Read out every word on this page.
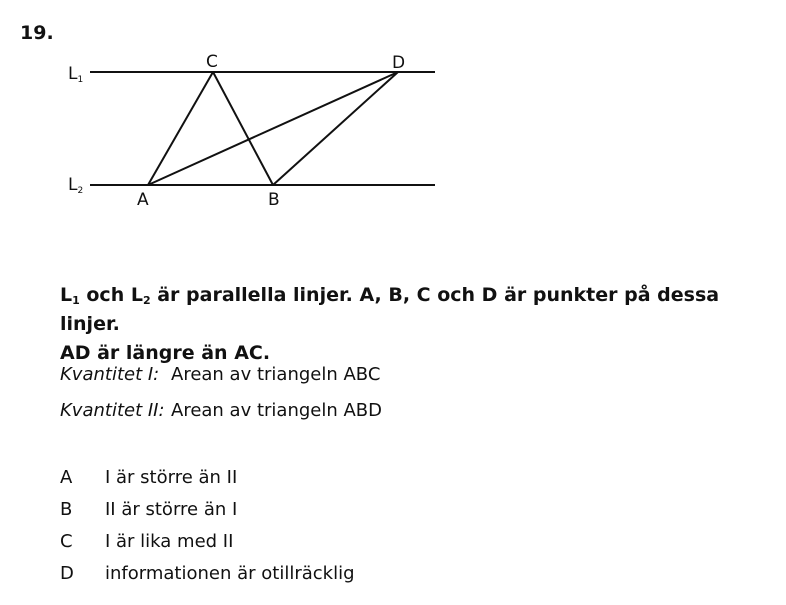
19.
L1
L2
C	D
A	B
$L_1$ och $L_2$ är parallella linjer. A, B, C och D är punkter på dessa linjer.
AD är längre än AC.
Kvantitet I: Arean av triangeln ABC
Kvantitet II: Arean av triangeln ABD
A I är större än II
B II är större än I
C I är lika med II
D informationen är otillräcklig
